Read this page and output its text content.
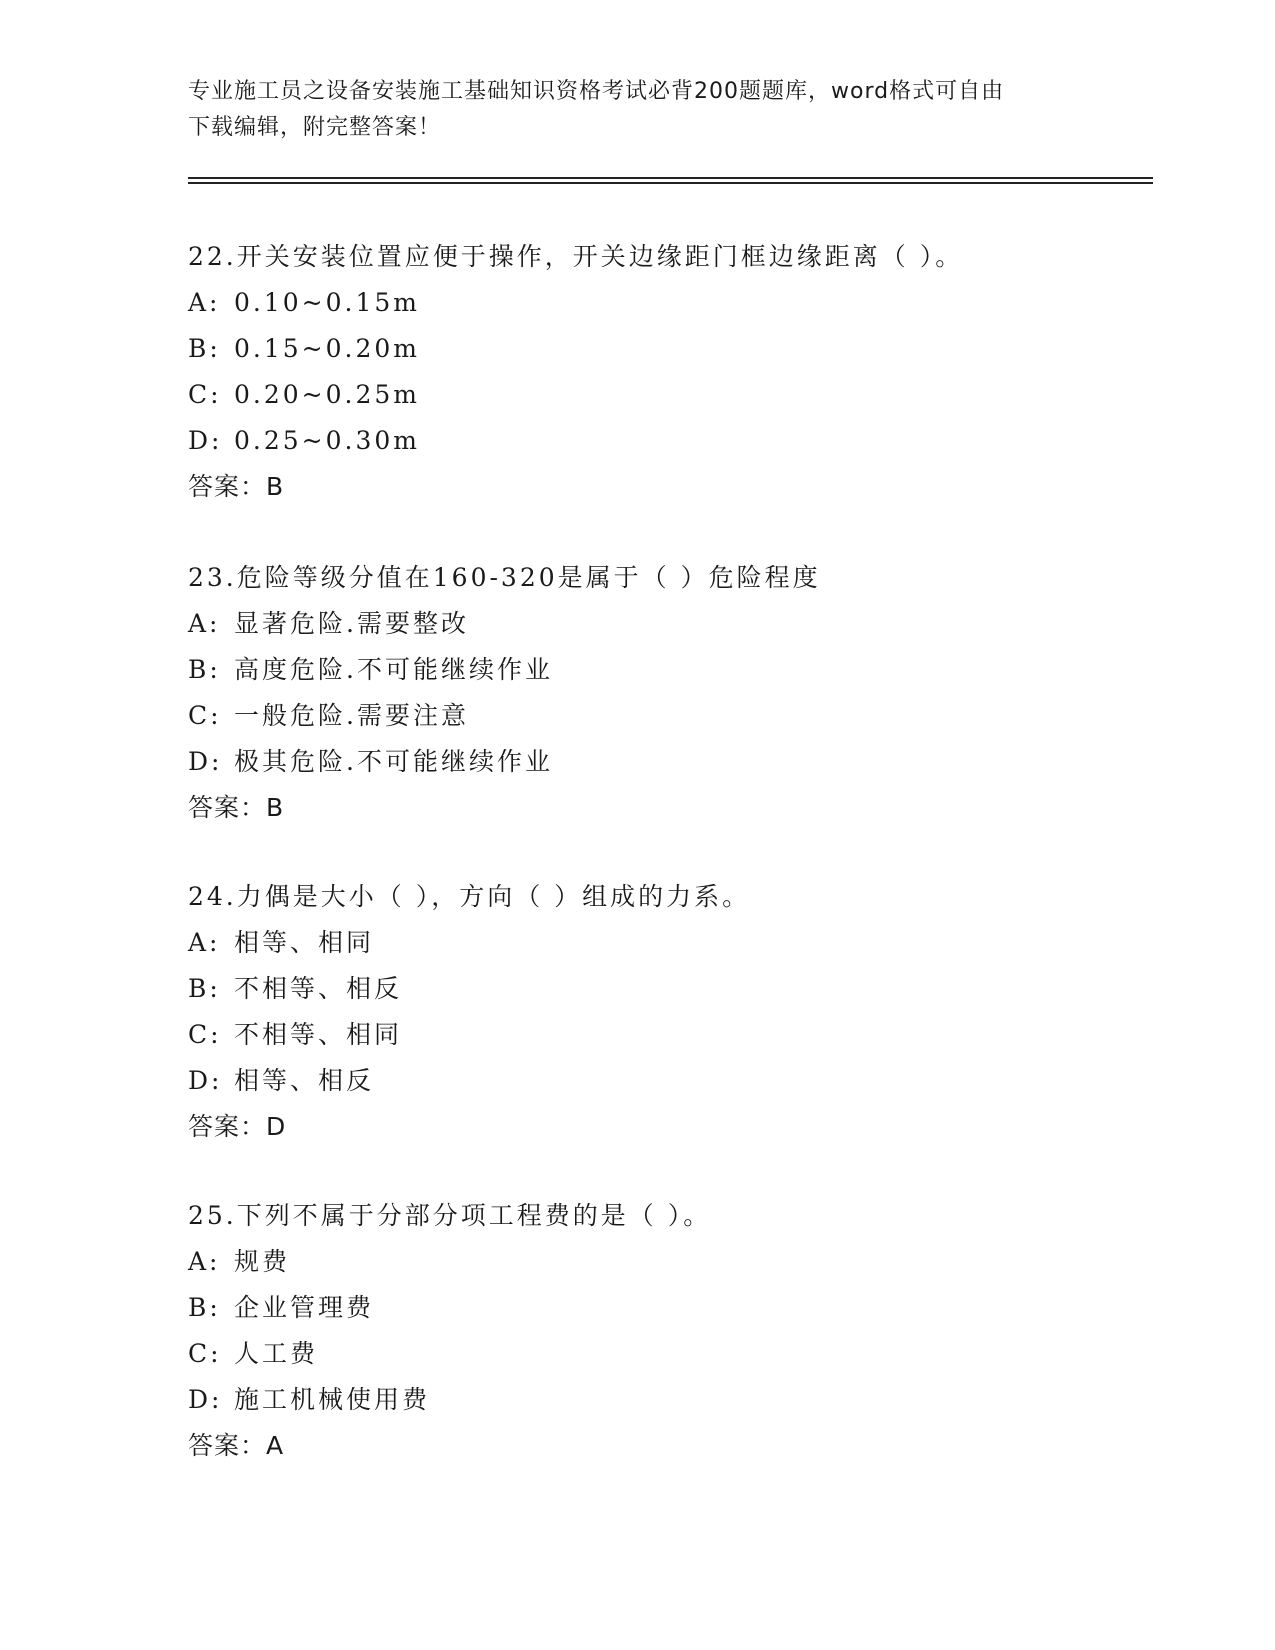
专业施工员之设备安装施工基础知识资格考试必背200题题库，word格式可自由
下载编辑，附完整答案！
22.开关安装位置应便于操作，开关边缘距门框边缘距离（ ）。
A: 0.10~0.15m
B: 0.15~0.20m
C: 0.20~0.25m
D: 0.25~0.30m
答案：B
23.危险等级分值在160-320是属于（ ）危险程度
A: 显著危险.需要整改
B: 高度危险.不可能继续作业
C: 一般危险.需要注意
D: 极其危险.不可能继续作业
答案：B
24.力偶是大小（ ），方向（ ）组成的力系。
A: 相等、相同
B: 不相等、相反
C: 不相等、相同
D: 相等、相反
答案：D
25.下列不属于分部分项工程费的是（ ）。
A: 规费
B: 企业管理费
C: 人工费
D: 施工机械使用费
答案：A
